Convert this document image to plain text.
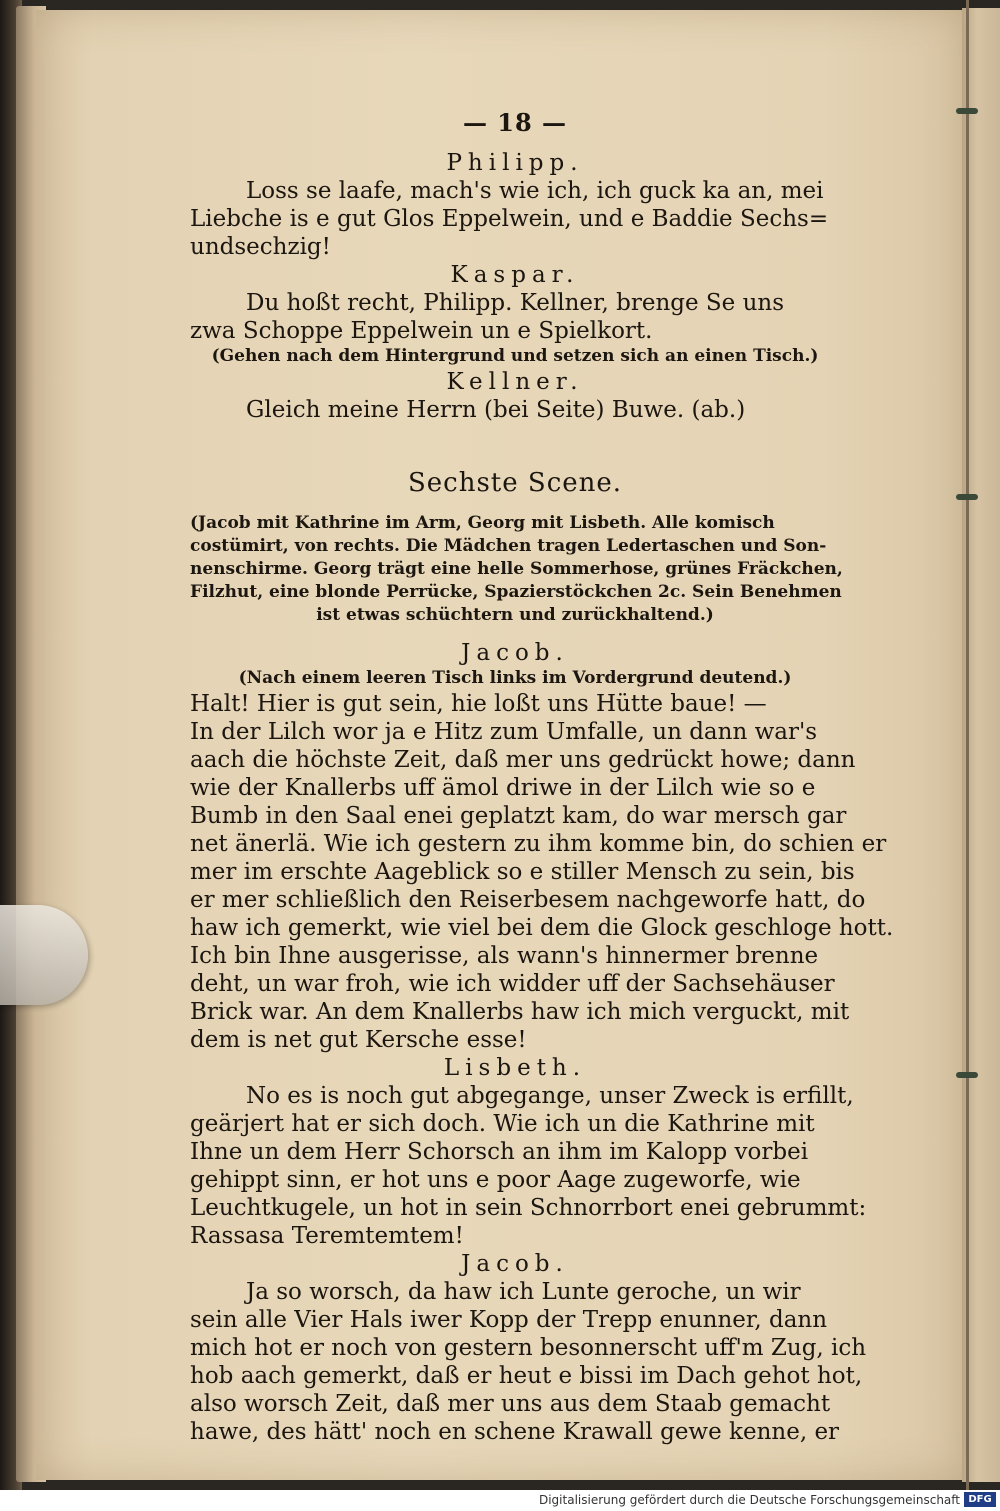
— 18 —

Philipp.

Loss se laafe, mach's wie ich, ich guck ka an, mei

Liebche is e gut Glos Eppelwein, und e Baddie Sechs=

undsechzig!

Kaspar.

Du hoßt recht, Philipp. Kellner, brenge Se uns

zwa Schoppe Eppelwein un e Spielkort.

(Gehen nach dem Hintergrund und setzen sich an einen Tisch.)

Kellner.

Gleich meine Herrn (bei Seite) Buwe. (ab.)

Sechste Scene.

(Jacob mit Kathrine im Arm, Georg mit Lisbeth. Alle komisch

costümirt, von rechts. Die Mädchen tragen Ledertaschen und Son-

nenschirme. Georg trägt eine helle Sommerhose, grünes Fräckchen,

Filzhut, eine blonde Perrücke, Spazierstöckchen 2c. Sein Benehmen

ist etwas schüchtern und zurückhaltend.)

Jacob.

(Nach einem leeren Tisch links im Vordergrund deutend.)

Halt! Hier is gut sein, hie loßt uns Hütte baue! —

In der Lilch wor ja e Hitz zum Umfalle, un dann war's

aach die höchste Zeit, daß mer uns gedrückt howe; dann

wie der Knallerbs uff ämol driwe in der Lilch wie so e

Bumb in den Saal enei geplatzt kam, do war mersch gar

net änerlä. Wie ich gestern zu ihm komme bin, do schien er

mer im erschte Aageblick so e stiller Mensch zu sein, bis

er mer schließlich den Reiserbesem nachgeworfe hatt, do

haw ich gemerkt, wie viel bei dem die Glock geschloge hott.

Ich bin Ihne ausgerisse, als wann's hinnermer brenne

deht, un war froh, wie ich widder uff der Sachsehäuser

Brick war. An dem Knallerbs haw ich mich verguckt, mit

dem is net gut Kersche esse!

Lisbeth.

No es is noch gut abgegange, unser Zweck is erfillt,

geärjert hat er sich doch. Wie ich un die Kathrine mit

Ihne un dem Herr Schorsch an ihm im Kalopp vorbei

gehippt sinn, er hot uns e poor Aage zugeworfe, wie

Leuchtkugele, un hot in sein Schnorrbort enei gebrummt:

Rassasa Teremtemtem!

Jacob.

Ja so worsch, da haw ich Lunte geroche, un wir

sein alle Vier Hals iwer Kopp der Trepp enunner, dann

mich hot er noch von gestern besonnerscht uff'm Zug, ich

hob aach gemerkt, daß er heut e bissi im Dach gehot hot,

also worsch Zeit, daß mer uns aus dem Staab gemacht

hawe, des hätt' noch en schene Krawall gewe kenne, er

Digitalisierung gefördert durch die Deutsche Forschungsgemeinschaft DFG
